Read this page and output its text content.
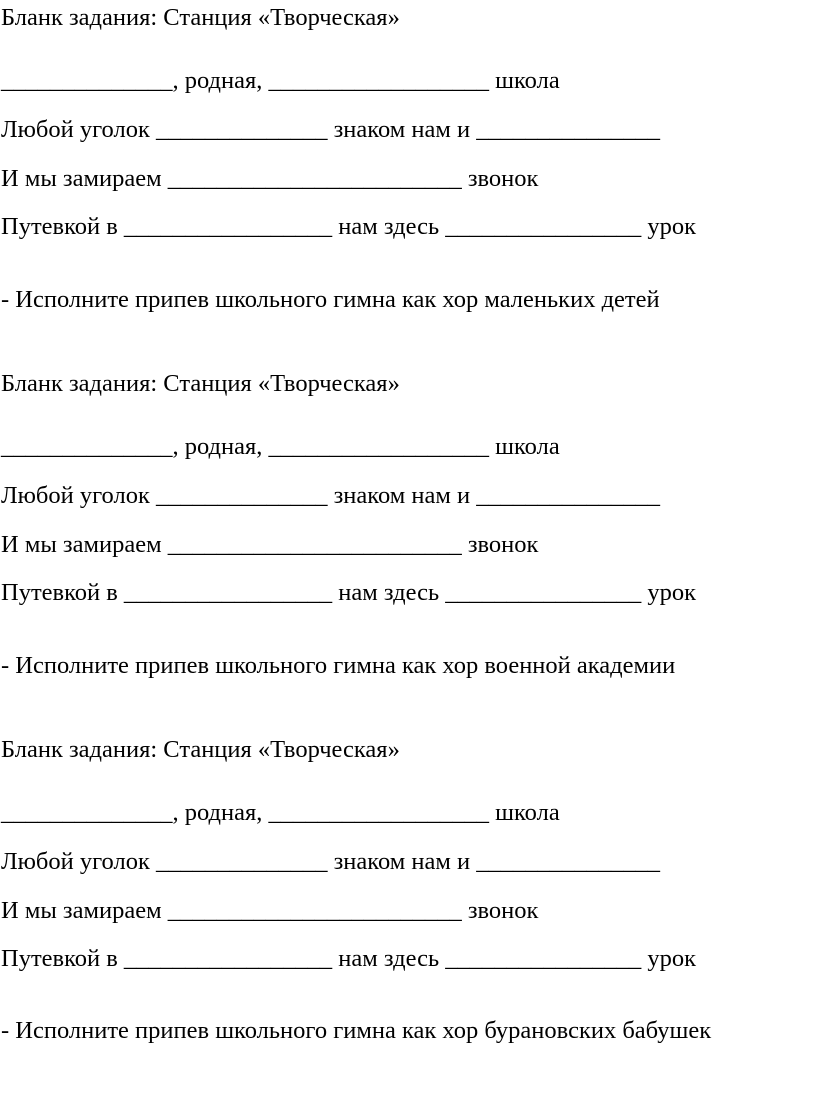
Бланк задания: Станция «Творческая»
______________, родная, __________________ школа
Любой уголок ______________ знаком нам и _______________
И мы замираем ________________________ звонок
Путевкой в _________________ нам здесь ________________ урок
- Исполните припев школьного гимна как хор маленьких детей
Бланк задания: Станция «Творческая»
______________, родная, __________________ школа
Любой уголок ______________ знаком нам и _______________
И мы замираем ________________________ звонок
Путевкой в _________________ нам здесь ________________ урок
- Исполните припев школьного гимна как хор военной академии
Бланк задания: Станция «Творческая»
______________, родная, __________________ школа
Любой уголок ______________ знаком нам и _______________
И мы замираем ________________________ звонок
Путевкой в _________________ нам здесь ________________ урок
- Исполните припев школьного гимна как хор бурановских бабушек
